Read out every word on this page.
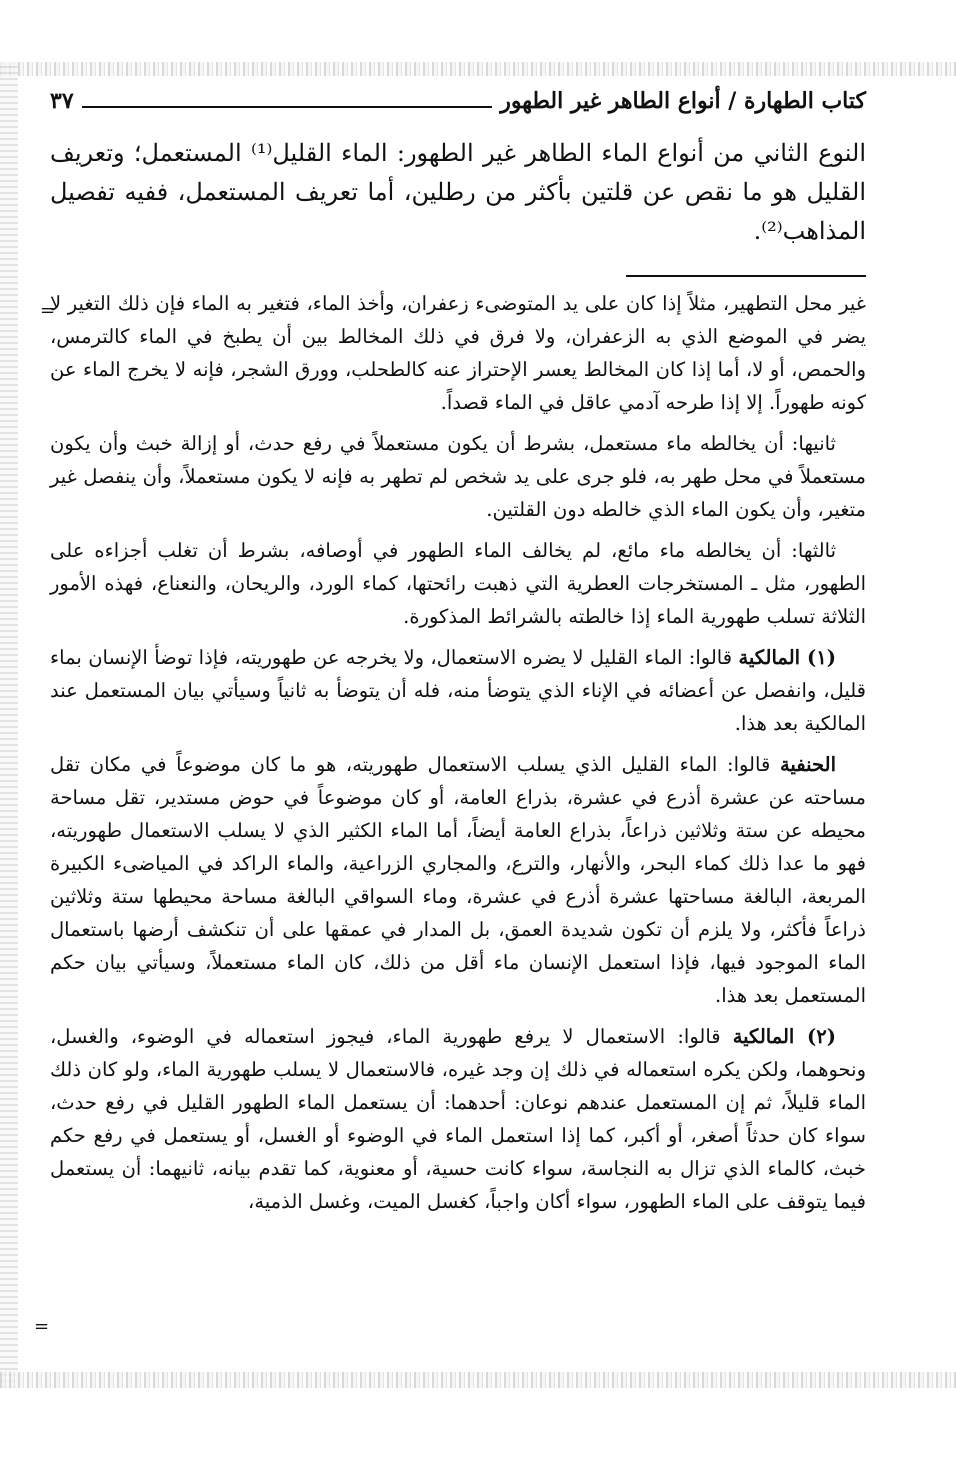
=
=
كتاب الطهارة / أنواع الطاهر غير الطهور
٣٧

النوع الثاني من أنواع الماء الطاهر غير الطهور: الماء القليل⁽¹⁾ المستعمل؛ وتعريف القليل هو ما نقص عن قلتين بأكثر من رطلين، أما تعريف المستعمل، ففيه تفصيل المذاهب⁽²⁾.

غير محل التطهير، مثلاً إذا كان على يد المتوضىء زعفران، وأخذ الماء، فتغير به الماء فإن ذلك التغير لا يضر في الموضع الذي به الزعفران، ولا فرق في ذلك المخالط بين أن يطبخ في الماء كالترمس، والحمص، أو لا، أما إذا كان المخالط يعسر الإحتراز عنه كالطحلب، وورق الشجر، فإنه لا يخرج الماء عن كونه طهوراً. إلا إذا طرحه آدمي عاقل في الماء قصداً.

ثانيها: أن يخالطه ماء مستعمل، بشرط أن يكون مستعملاً في رفع حدث، أو إزالة خبث وأن يكون مستعملاً في محل طهر به، فلو جرى على يد شخص لم تطهر به فإنه لا يكون مستعملاً، وأن ينفصل غير متغير، وأن يكون الماء الذي خالطه دون القلتين.

ثالثها: أن يخالطه ماء مائع، لم يخالف الماء الطهور في أوصافه، بشرط أن تغلب أجزاءه على الطهور، مثل ـ المستخرجات العطرية التي ذهبت رائحتها، كماء الورد، والريحان، والنعناع، فهذه الأمور الثلاثة تسلب طهورية الماء إذا خالطته بالشرائط المذكورة.

(١) المالكية قالوا: الماء القليل لا يضره الاستعمال، ولا يخرجه عن طهوريته، فإذا توضأ الإنسان بماء قليل، وانفصل عن أعضائه في الإناء الذي يتوضأ منه، فله أن يتوضأ به ثانياً وسيأتي بيان المستعمل عند المالكية بعد هذا.

الحنفية قالوا: الماء القليل الذي يسلب الاستعمال طهوريته، هو ما كان موضوعاً في مكان تقل مساحته عن عشرة أذرع في عشرة، بذراع العامة، أو كان موضوعاً في حوض مستدير، تقل مساحة محيطه عن ستة وثلاثين ذراعاً، بذراع العامة أيضاً، أما الماء الكثير الذي لا يسلب الاستعمال طهوريته، فهو ما عدا ذلك كماء البحر، والأنهار، والترع، والمجاري الزراعية، والماء الراكد في المياضىء الكبيرة المربعة، البالغة مساحتها عشرة أذرع في عشرة، وماء السواقي البالغة مساحة محيطها ستة وثلاثين ذراعاً فأكثر، ولا يلزم أن تكون شديدة العمق، بل المدار في عمقها على أن تنكشف أرضها باستعمال الماء الموجود فيها، فإذا استعمل الإنسان ماء أقل من ذلك، كان الماء مستعملاً، وسيأتي بيان حكم المستعمل بعد هذا.

(٢) المالكية قالوا: الاستعمال لا يرفع طهورية الماء، فيجوز استعماله في الوضوء، والغسل، ونحوهما، ولكن يكره استعماله في ذلك إن وجد غيره، فالاستعمال لا يسلب طهورية الماء، ولو كان ذلك الماء قليلاً، ثم إن المستعمل عندهم نوعان: أحدهما: أن يستعمل الماء الطهور القليل في رفع حدث، سواء كان حدثاً أصغر، أو أكبر، كما إذا استعمل الماء في الوضوء أو الغسل، أو يستعمل في رفع حكم خبث، كالماء الذي تزال به النجاسة، سواء كانت حسية، أو معنوية، كما تقدم بيانه، ثانيهما: أن يستعمل فيما يتوقف على الماء الطهور، سواء أكان واجباً، كغسل الميت، وغسل الذمية،
